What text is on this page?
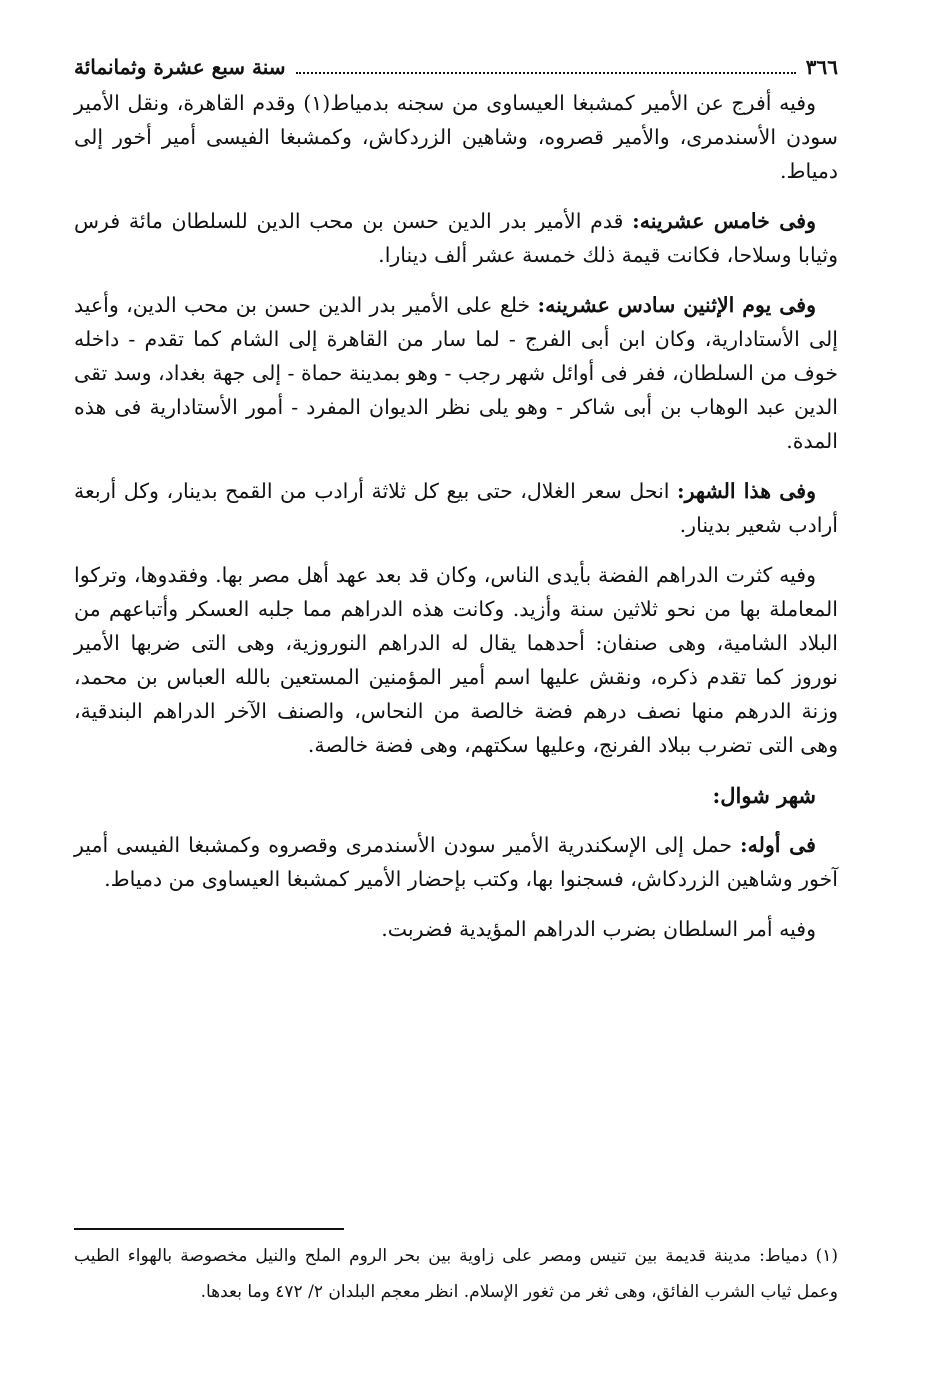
٣٦٦
سنة سبع عشرة وثمانمائة

وفيه أفرج عن الأمير كمشبغا العيساوى من سجنه بدمياط(١) وقدم القاهرة، ونقل الأمير سودن الأسندمرى، والأمير قصروه، وشاهين الزردكاش، وكمشبغا الفيسى أمير أخور إلى دمياط.

وفى خامس عشرينه: قدم الأمير بدر الدين حسن بن محب الدين للسلطان مائة فرس وثيابا وسلاحا، فكانت قيمة ذلك خمسة عشر ألف دينارا.

وفى يوم الإثنين سادس عشرينه: خلع على الأمير بدر الدين حسن بن محب الدين، وأعيد إلى الأستادارية، وكان ابن أبى الفرج - لما سار من القاهرة إلى الشام كما تقدم - داخله خوف من السلطان، ففر فى أوائل شهر رجب - وهو بمدينة حماة - إلى جهة بغداد، وسد تقى الدين عبد الوهاب بن أبى شاكر - وهو يلى نظر الديوان المفرد - أمور الأستادارية فى هذه المدة.

وفى هذا الشهر: انحل سعر الغلال، حتى بيع كل ثلاثة أرادب من القمح بدينار، وكل أربعة أرادب شعير بدينار.

وفيه كثرت الدراهم الفضة بأيدى الناس، وكان قد بعد عهد أهل مصر بها. وفقدوها، وتركوا المعاملة بها من نحو ثلاثين سنة وأزيد. وكانت هذه الدراهم مما جلبه العسكر وأتباعهم من البلاد الشامية، وهى صنفان: أحدهما يقال له الدراهم النوروزية، وهى التى ضربها الأمير نوروز كما تقدم ذكره، ونقش عليها اسم أمير المؤمنين المستعين بالله العباس بن محمد، وزنة الدرهم منها نصف درهم فضة خالصة من النحاس، والصنف الآخر الدراهم البندقية، وهى التى تضرب ببلاد الفرنج، وعليها سكتهم، وهى فضة خالصة.

شهر شوال:

فى أوله: حمل إلى الإسكندرية الأمير سودن الأسندمرى وقصروه وكمشبغا الفيسى أمير آخور وشاهين الزردكاش، فسجنوا بها، وكتب بإحضار الأمير كمشبغا العيساوى من دمياط.

وفيه أمر السلطان بضرب الدراهم المؤيدية فضربت.

(١) دمياط: مدينة قديمة بين تنيس ومصر على زاوية بين بحر الروم الملح والنيل مخصوصة بالهواء الطيب وعمل ثياب الشرب الفائق، وهى ثغر من ثغور الإسلام. انظر معجم البلدان ٢/ ٤٧٢ وما بعدها.
